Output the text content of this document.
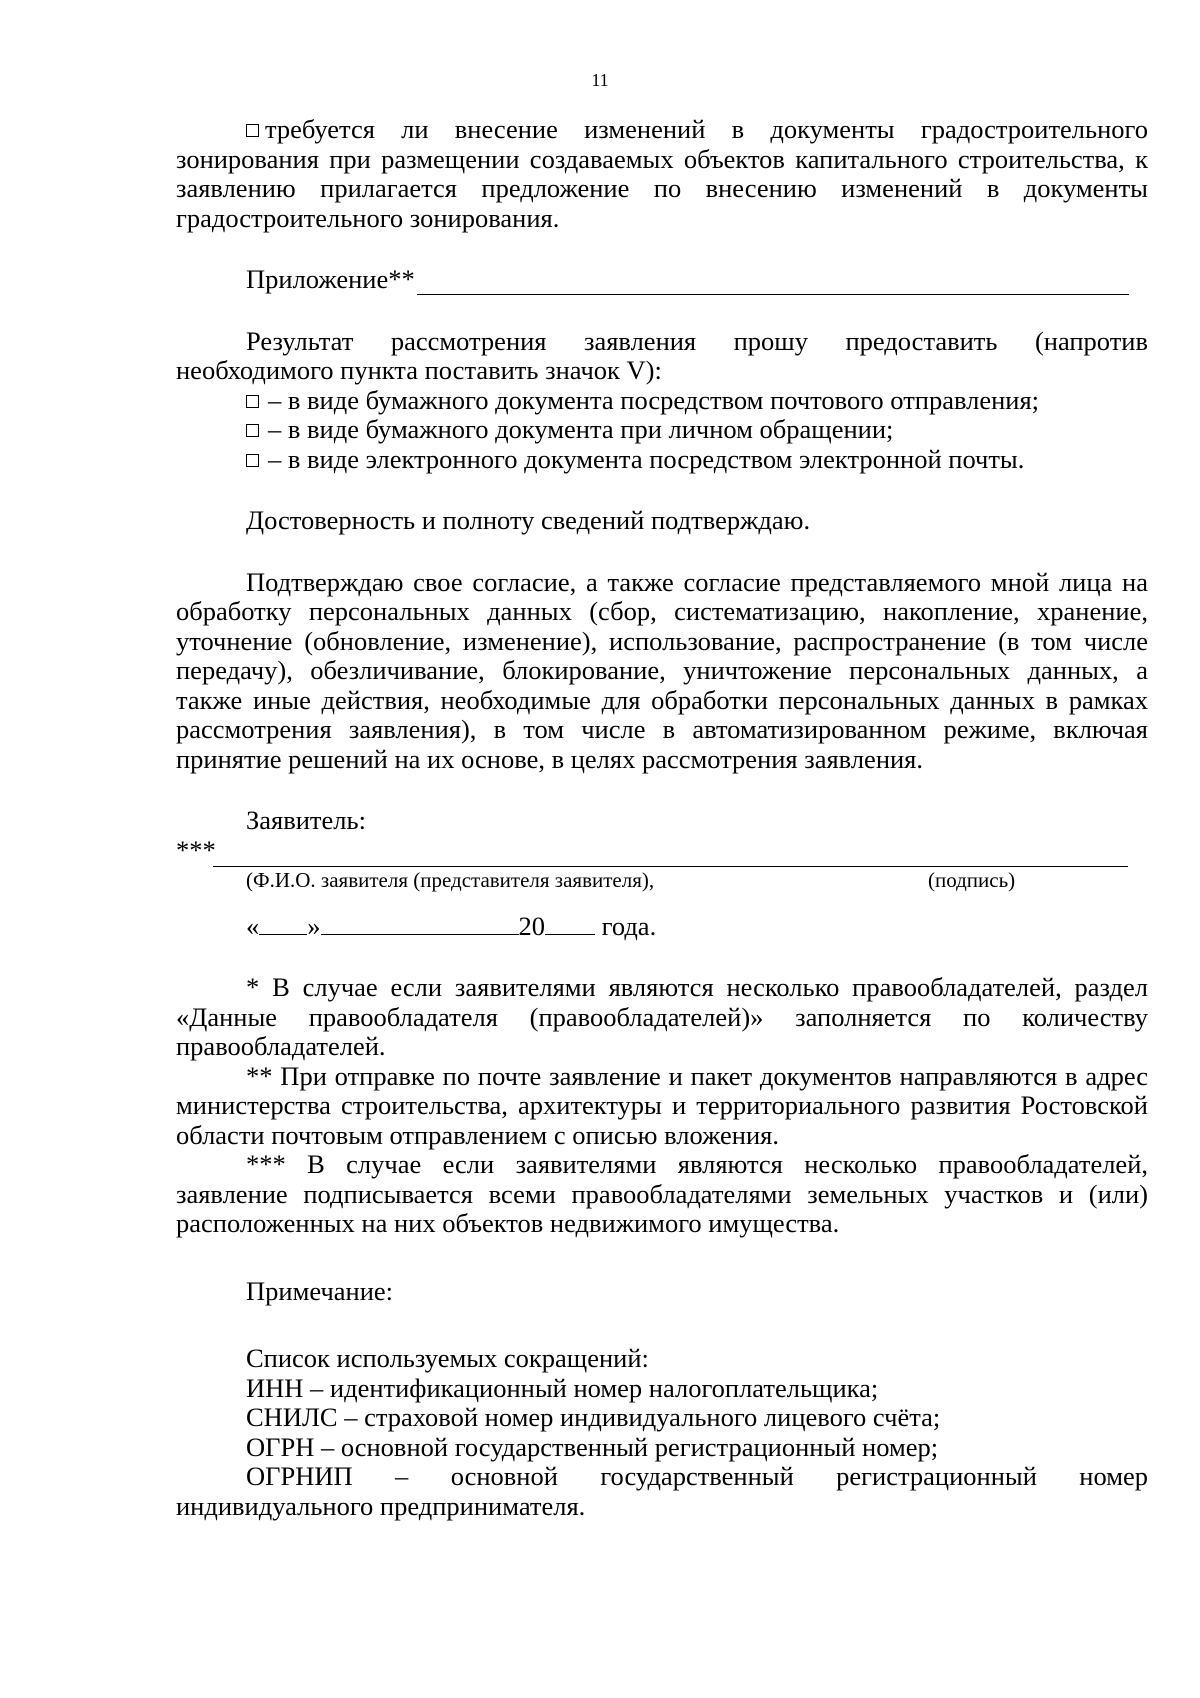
11

требуется ли внесение изменений в документы градостроительного зонирования при размещении создаваемых объектов капитального строительства, к заявлению прилагается предложение по внесению изменений в документы градостроительного зонирования.

Приложение**

Результат рассмотрения заявления прошу предоставить (напротив необходимого пункта поставить значок V):

– в виде бумажного документа посредством почтового отправления;

– в виде бумажного документа при личном обращении;

– в виде электронного документа посредством электронной почты.

Достоверность и полноту сведений подтверждаю.

Подтверждаю свое согласие, а также согласие представляемого мной лица на обработку персональных данных (сбор, систематизацию, накопление, хранение, уточнение (обновление, изменение), использование, распространение (в том числе передачу), обезличивание, блокирование, уничтожение персональных данных, а также иные действия, необходимые для обработки персональных данных в рамках рассмотрения заявления), в том числе в автоматизированном режиме, включая принятие решений на их основе, в целях рассмотрения заявления.

Заявитель:

***
(Ф.И.О. заявителя (представителя заявителя),	(подпись)

« »	20 года.

* В случае если заявителями являются несколько правообладателей, раздел «Данные правообладателя (правообладателей)» заполняется по количеству правообладателей.

** При отправке по почте заявление и пакет документов направляются в адрес министерства строительства, архитектуры и территориального развития Ростовской области почтовым отправлением с описью вложения.

*** В случае если заявителями являются несколько правообладателей, заявление подписывается всеми правообладателями земельных участков и (или) расположенных на них объектов недвижимого имущества.

Примечание:

Список используемых сокращений:

ИНН – идентификационный номер налогоплательщика;

СНИЛС – страховой номер индивидуального лицевого счёта;

ОГРН – основной государственный регистрационный номер;

ОГРНИП – основной государственный регистрационный номер индивидуального предпринимателя.
